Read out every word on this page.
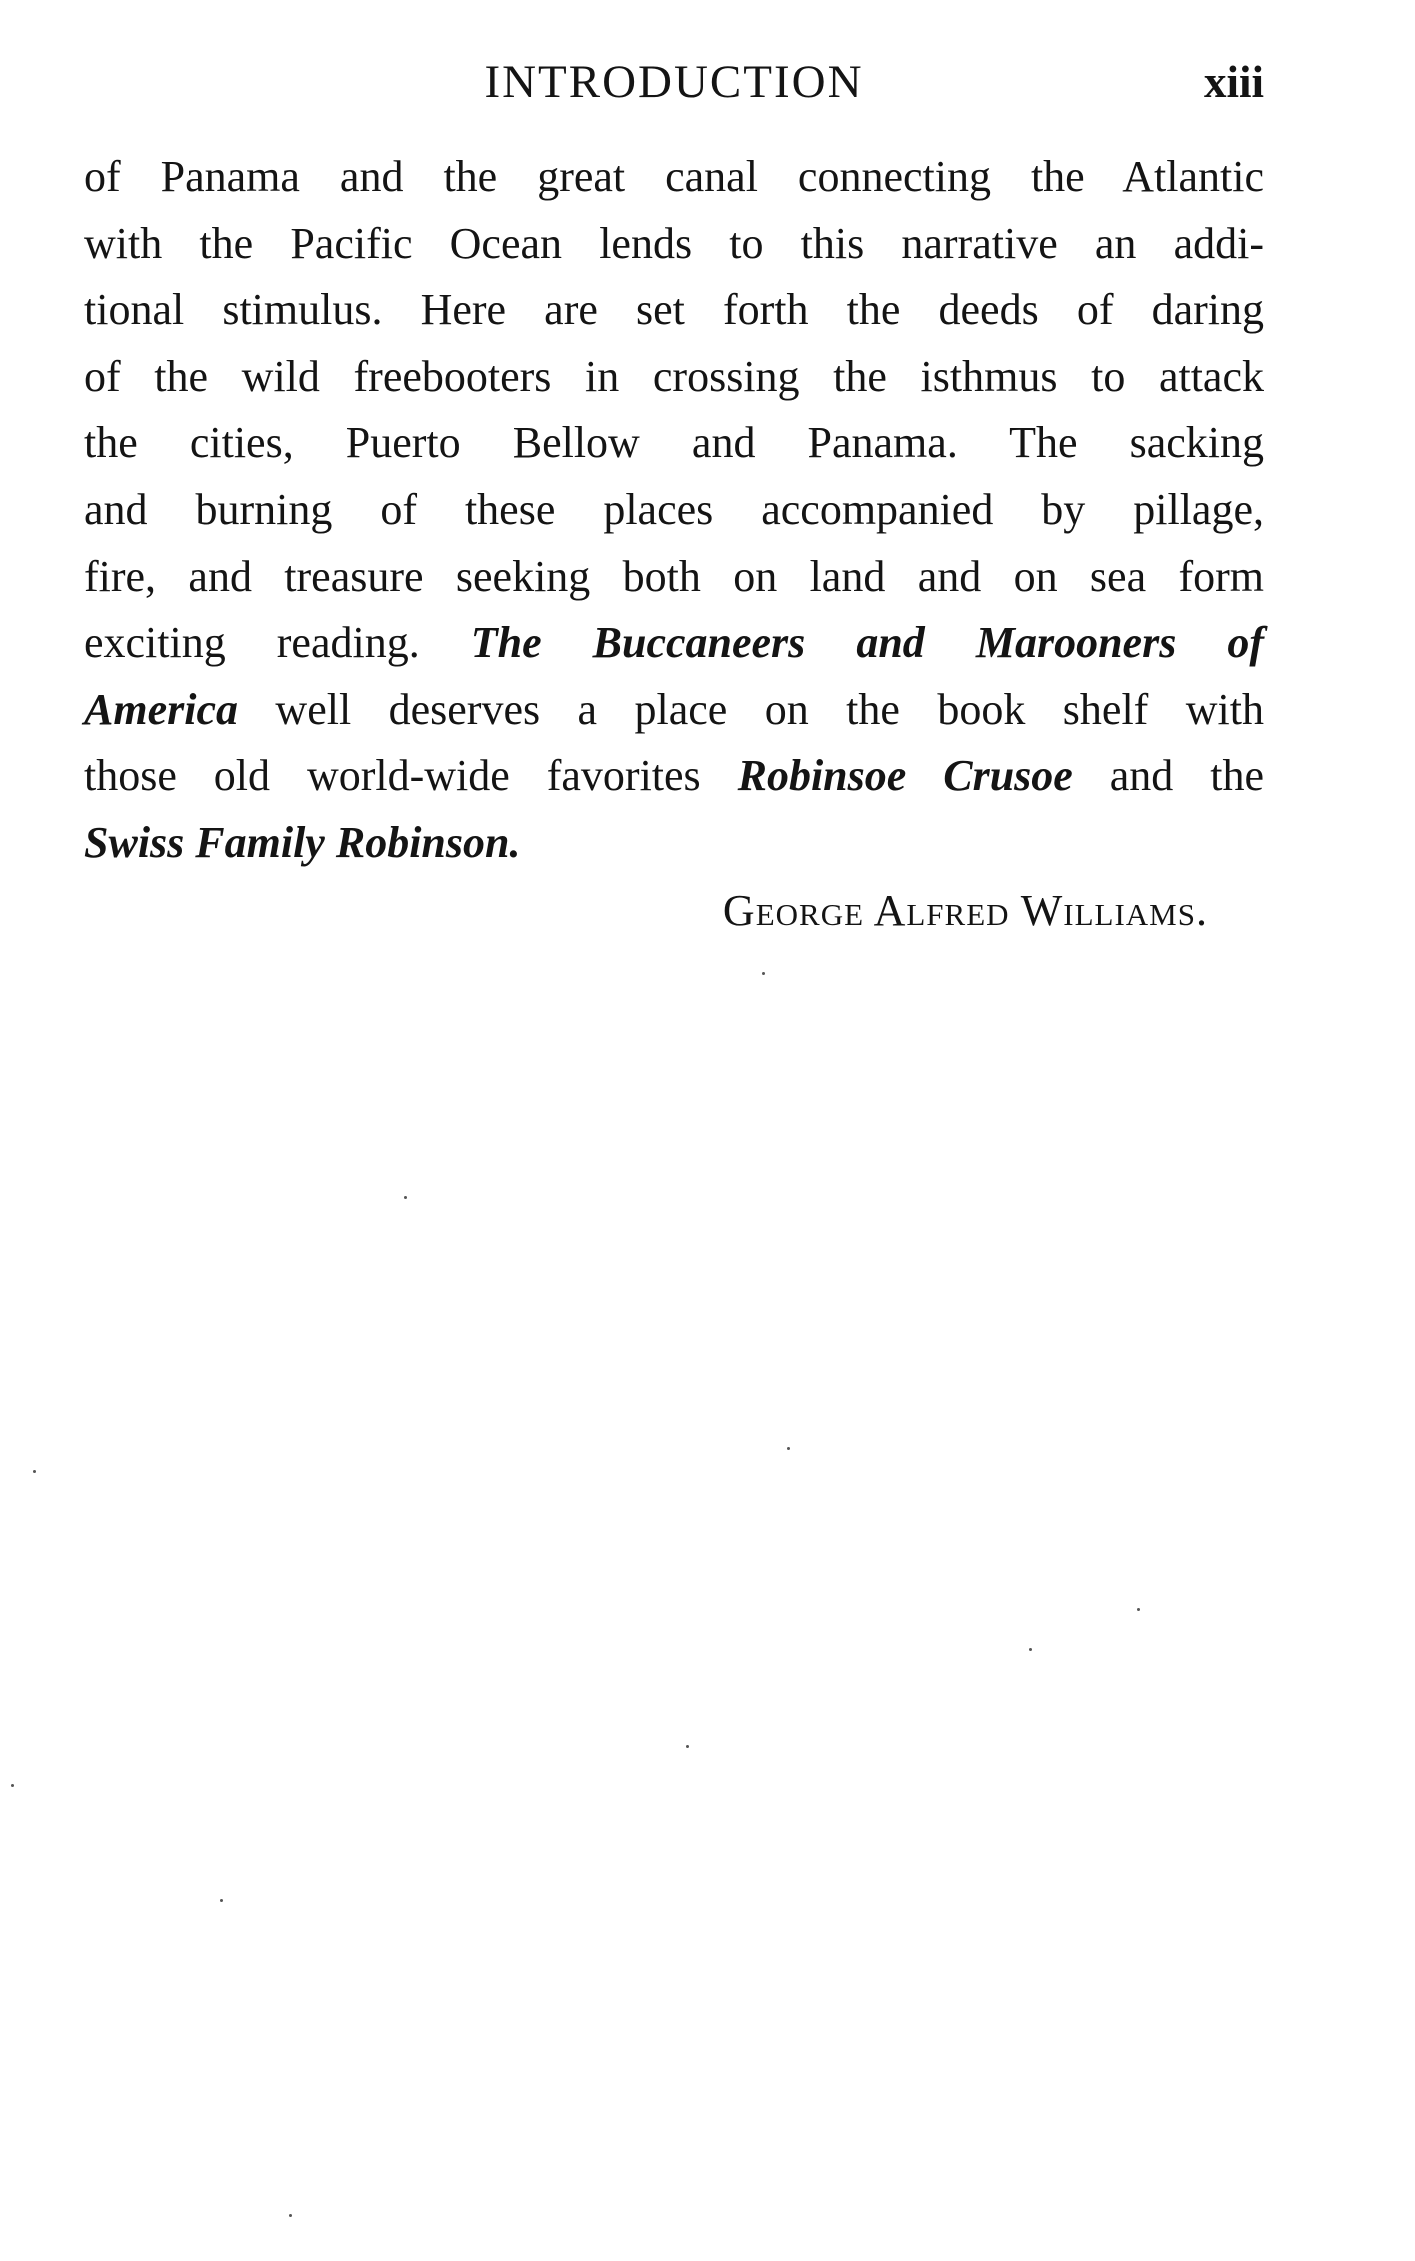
INTRODUCTION	xiii
of Panama and the great canal connecting the Atlantic
with the Pacific Ocean lends to this narrative an addi-
tional stimulus. Here are set forth the deeds of daring
of the wild freebooters in crossing the isthmus to attack
the cities, Puerto Bellow and Panama. The sacking
and burning of these places accompanied by pillage,
fire, and treasure seeking both on land and on sea form
exciting reading. The Buccaneers and Marooners of
America well deserves a place on the book shelf with
those old world-wide favorites Robinsoe Crusoe and the
Swiss Family Robinson.
George Alfred Williams.
